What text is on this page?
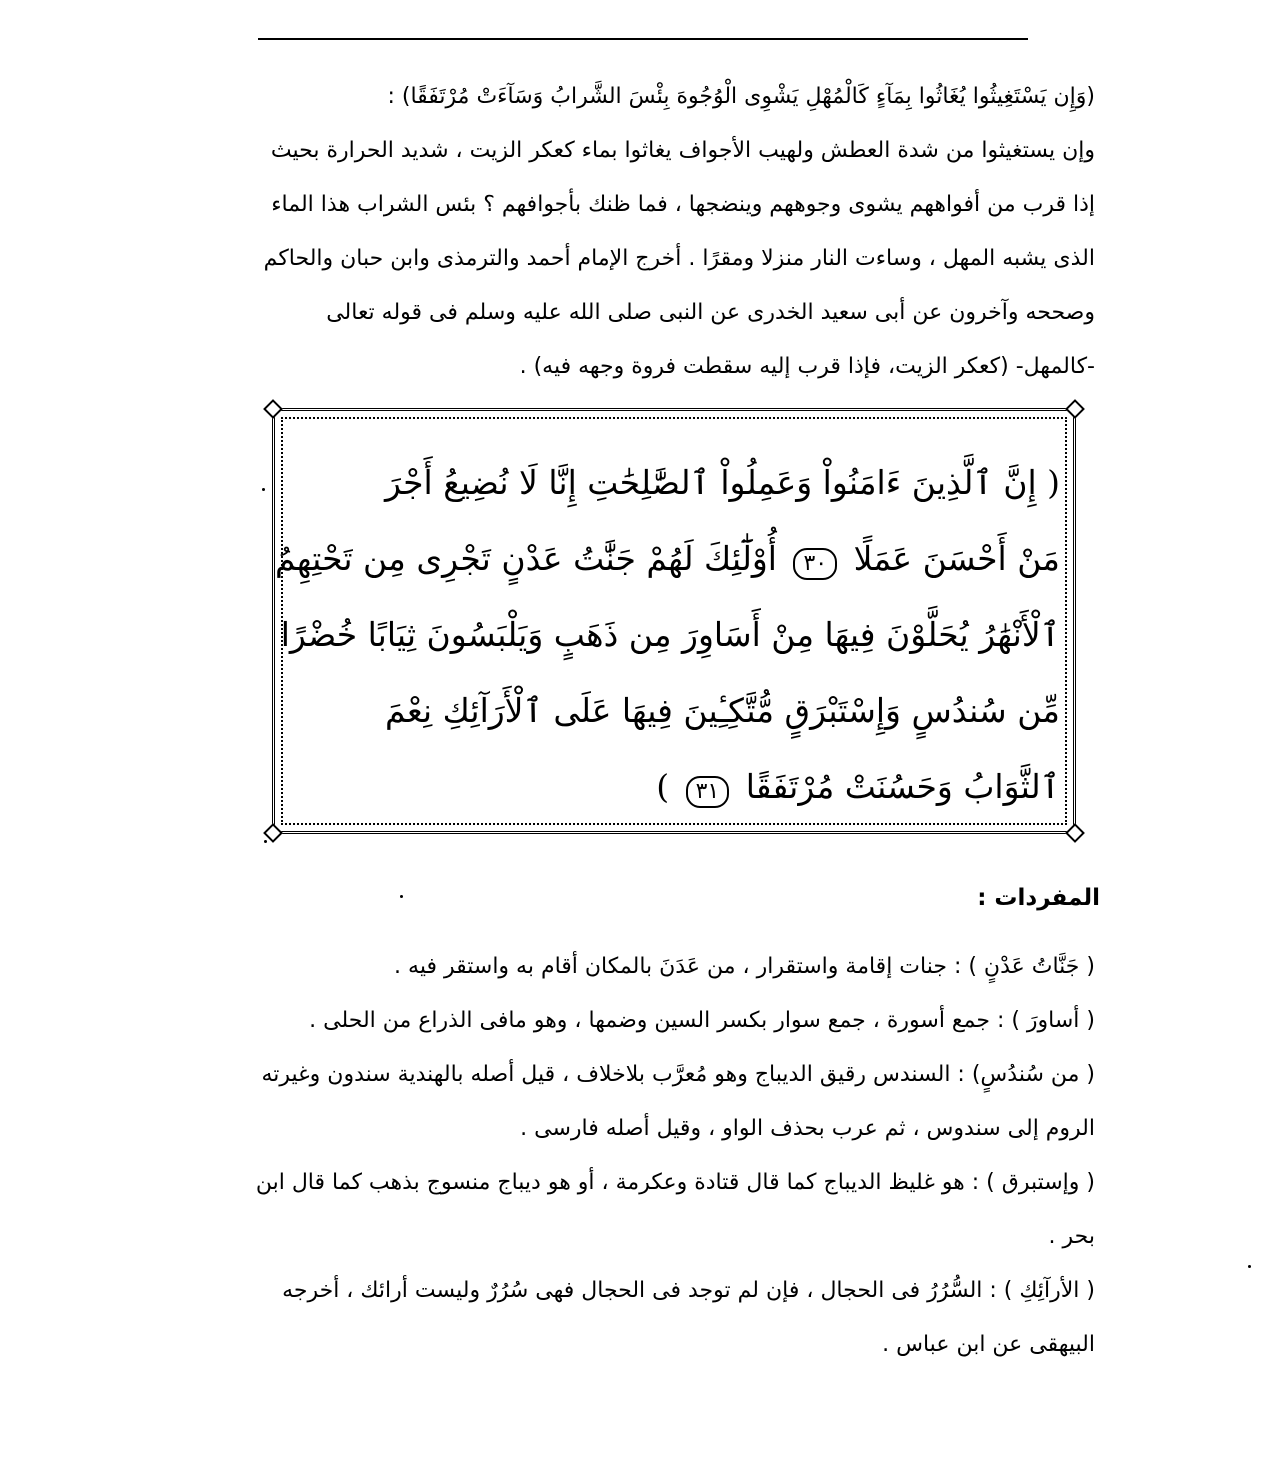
(وَإِن يَسْتَغِيثُوا يُغَاثُوا بِمَآءٍ كَالْمُهْلِ يَشْوِى الْوُجُوهَ بِئْسَ الشَّرابُ وَسَآءَتْ مُرْتَفَقًا) :
وإن يستغيثوا من شدة العطش ولهيب الأجواف يغاثوا بماء كعكر الزيت ، شديد الحرارة بحيث إذا قرب من أفواههم يشوى وجوههم وينضجها ، فما ظنك بأجوافهم ؟ بئس الشراب هذا الماء الذى يشبه المهل ، وساءت النار منزلا ومقرًا . أخرج الإمام أحمد والترمذى وابن حبان والحاكم وصححه وآخرون عن أبى سعيد الخدرى عن النبى صلى الله عليه وسلم فى قوله تعالى -كالمهل- (كعكر الزيت، فإذا قرب إليه سقطت فروة وجهه فيه) .
( إِنَّ ٱلَّذِينَ ءَامَنُواْ وَعَمِلُواْ ٱلصَّٰلِحَٰتِ إِنَّا لَا نُضِيعُ أَجْرَ
مَنْ أَحْسَنَ عَمَلًا ٣٠ أُوْلَٰٓئِكَ لَهُمْ جَنَّٰتُ عَدْنٍ تَجْرِى مِن تَحْتِهِمُ
ٱلْأَنْهَٰرُ يُحَلَّوْنَ فِيهَا مِنْ أَسَاوِرَ مِن ذَهَبٍ وَيَلْبَسُونَ ثِيَابًا خُضْرًا
مِّن سُندُسٍ وَإِسْتَبْرَقٍ مُّتَّكِـِٔينَ فِيهَا عَلَى ٱلْأَرَآئِكِ نِعْمَ
ٱلثَّوَابُ وَحَسُنَتْ مُرْتَفَقًا ٣١ )
المفردات :
( جَنَّاتُ عَدْنٍ ) : جنات إقامة واستقرار ، من عَدَنَ بالمكان أقام به واستقر فيه .
( أساورَ ) : جمع أسورة ، جمع سوار بكسر السين وضمها ، وهو مافى الذراع من الحلى .
( من سُندُسٍ) : السندس رقيق الديباج وهو مُعرَّب بلاخلاف ، قيل أصله بالهندية سندون وغيرته الروم إلى سندوس ، ثم عرب بحذف الواو ، وقيل أصله فارسى .
( وإستبرق ) : هو غليظ الديباج كما قال قتادة وعكرمة ، أو هو ديباج منسوج بذهب كما قال ابن بحر .
( الأرآئِكِ ) : السُّرُرُ فى الحجال ، فإن لم توجد فى الحجال فهى سُرُرٌ وليست أرائك ، أخرجه البيهقى عن ابن عباس .
